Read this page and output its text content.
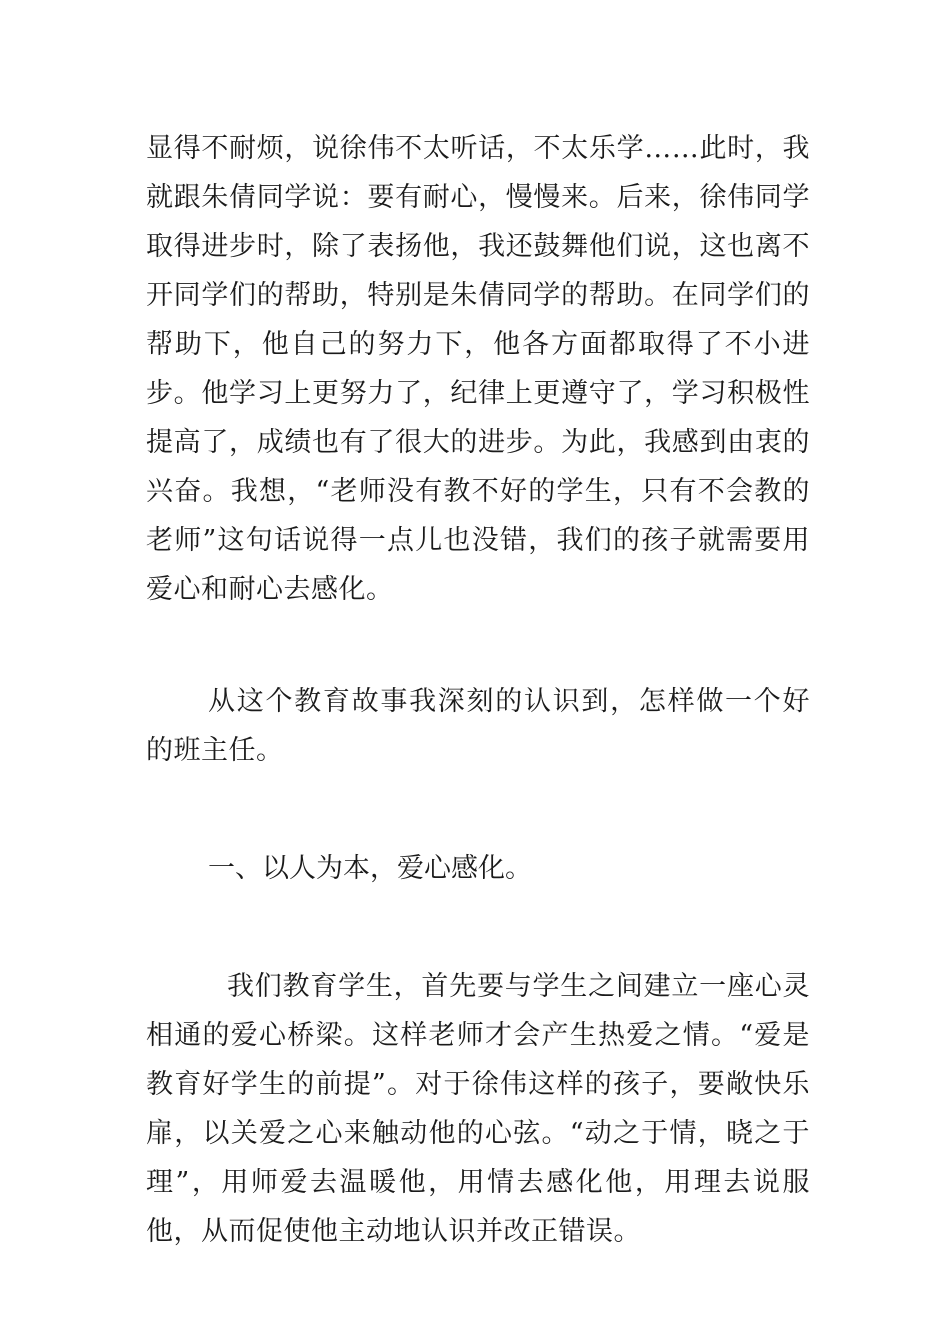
显得不耐烦，说徐伟不太听话，不太乐学……此时，我就跟朱倩同学说：要有耐心，慢慢来。后来，徐伟同学取得进步时，除了表扬他，我还鼓舞他们说，这也离不开同学们的帮助，特别是朱倩同学的帮助。在同学们的帮助下，他自己的努力下，他各方面都取得了不小进步。他学习上更努力了，纪律上更遵守了，学习积极性提高了，成绩也有了很大的进步。为此，我感到由衷的兴奋。我想，“老师没有教不好的学生，只有不会教的老师”这句话说得一点儿也没错，我们的孩子就需要用爱心和耐心去感化。

从这个教育故事我深刻的认识到，怎样做一个好的班主任。

一、以人为本，爱心感化。

我们教育学生，首先要与学生之间建立一座心灵相通的爱心桥梁。这样老师才会产生热爱之情。“爱是教育好学生的前提”。对于徐伟这样的孩子，要敞快乐扉，以关爱之心来触动他的心弦。“动之于情，晓之于理”，用师爱去温暖他，用情去感化他，用理去说服他，从而促使他主动地认识并改正错误。
